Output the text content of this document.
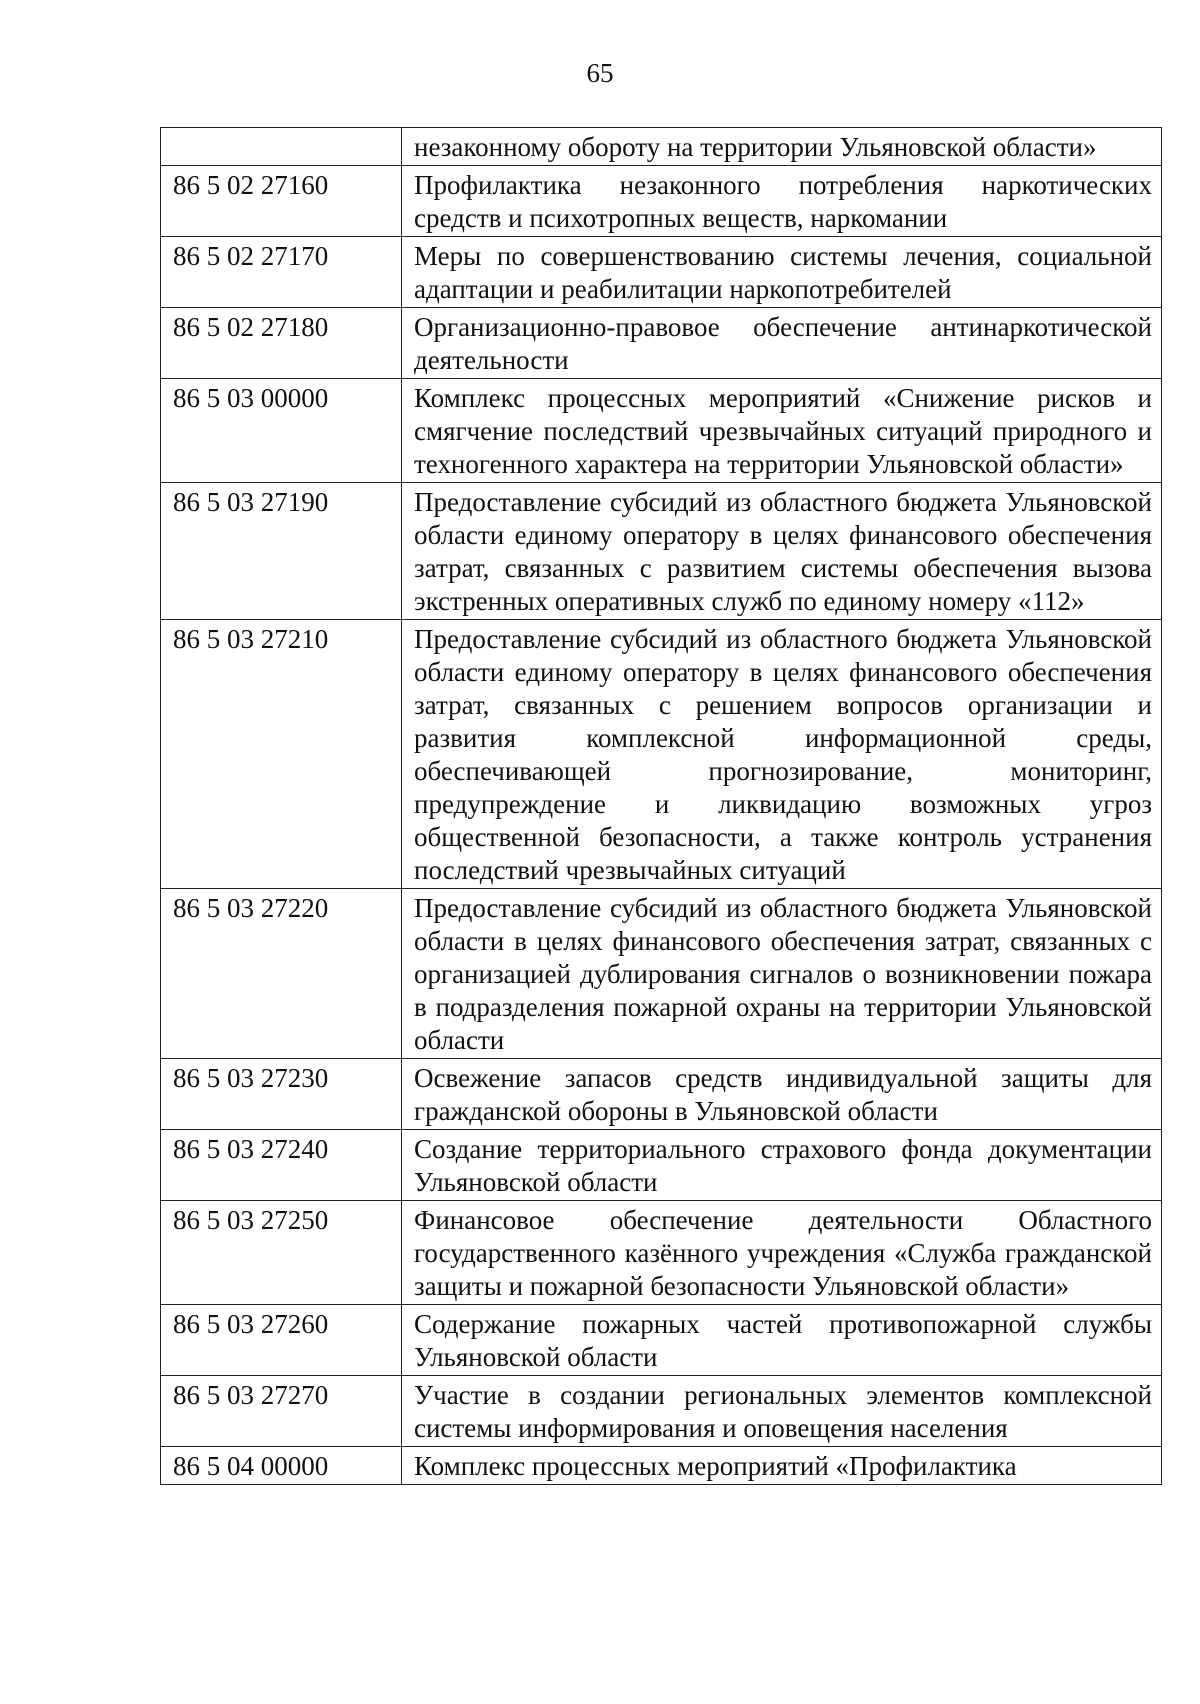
65
	незаконному обороту на территории Ульяновской области»
86 5 02 27160	Профилактика незаконного потребления наркотических средств и психотропных веществ, наркомании
86 5 02 27170	Меры по совершенствованию системы лечения, социальной адаптации и реабилитации наркопотребителей
86 5 02 27180	Организационно-правовое обеспечение антинаркотической деятельности
86 5 03 00000	Комплекс процессных мероприятий «Снижение рисков и смягчение последствий чрезвычайных ситуаций природного и техногенного характера на территории Ульяновской области»
86 5 03 27190	Предоставление субсидий из областного бюджета Ульяновской области единому оператору в целях финансового обеспечения затрат, связанных с развитием системы обеспечения вызова экстренных оперативных служб по единому номеру «112»
86 5 03 27210	Предоставление субсидий из областного бюджета Ульяновской области единому оператору в целях финансового обеспечения затрат, связанных с решением вопросов организации и развития комплексной информационной среды, обеспечивающей прогнозирование, мониторинг, предупреждение и ликвидацию возможных угроз общественной безопасности, а также контроль устранения последствий чрезвычайных ситуаций
86 5 03 27220	Предоставление субсидий из областного бюджета Ульяновской области в целях финансового обеспечения затрат, связанных с организацией дублирования сигналов о возникновении пожара в подразделения пожарной охраны на территории Ульяновской области
86 5 03 27230	Освежение запасов средств индивидуальной защиты для гражданской обороны в Ульяновской области
86 5 03 27240	Создание территориального страхового фонда документации Ульяновской области
86 5 03 27250	Финансовое обеспечение деятельности Областного государственного казённого учреждения «Служба гражданской защиты и пожарной безопасности Ульяновской области»
86 5 03 27260	Содержание пожарных частей противопожарной службы Ульяновской области
86 5 03 27270	Участие в создании региональных элементов комплексной системы информирования и оповещения населения
86 5 04 00000	Комплекс процессных мероприятий «Профилактика
